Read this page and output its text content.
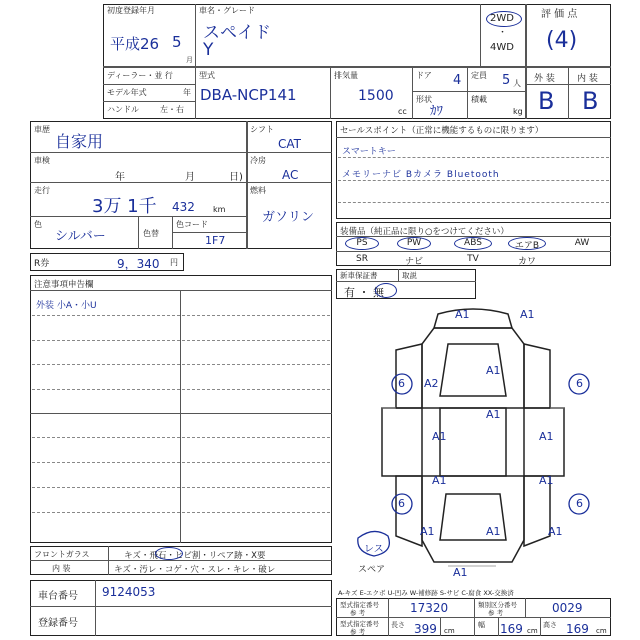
初度登録年月
平成26 5
月
車名・グレード
スペイド
Y
2WD
・
4WD
評 価 点
(4)
外 装 内 装
B B
ディーラー・並 行
モデル年式	年
ハンドル	左・右
型式
DBA-NCP141
排気量
1500
cc
ドア 4 定員 5 人
形状
ｶﾜ
積載
kg
車歴
自家用
車検
年	月	日)
走行
3万 1千 432 km
色
シルバー	色替
色コード
1F7
シフト
CAT
冷房
AC
燃料
ガソリン
R券	9，340 円
セールスポイント（正常に機能するものに限ります）
スマートキー
メモリーナビ Bカメラ Bluetooth
装備品（純正品に限り○をつけてください）
PS	PW	ABS	エアB	AW
SR	ナビ	TV	カワ
新車保証書	取説
有 ・ 無
注意事項申告欄
外装 小A・小U
A1	A1
A1
6 A2	6
A1
A1
A1
A1	A1
6	6
A1	A1	A1
A1
レス
スペア
フロントガラス	キズ・飛石・ヒビ割・リペア跡・X要
内 装	キズ・汚レ・コゲ・穴・スレ・キレ・破レ
A-キズ E-エクボ U-凹み W-補修跡 S-サビ C-腐食 XX-交換済
車台番号 9124053
登録番号
型式指定番号
参 考	17320	類別区分番号
参 考	0029
型式指定番号
参 考
長さ 399 cm
幅 169 cm
高さ 169 cm
